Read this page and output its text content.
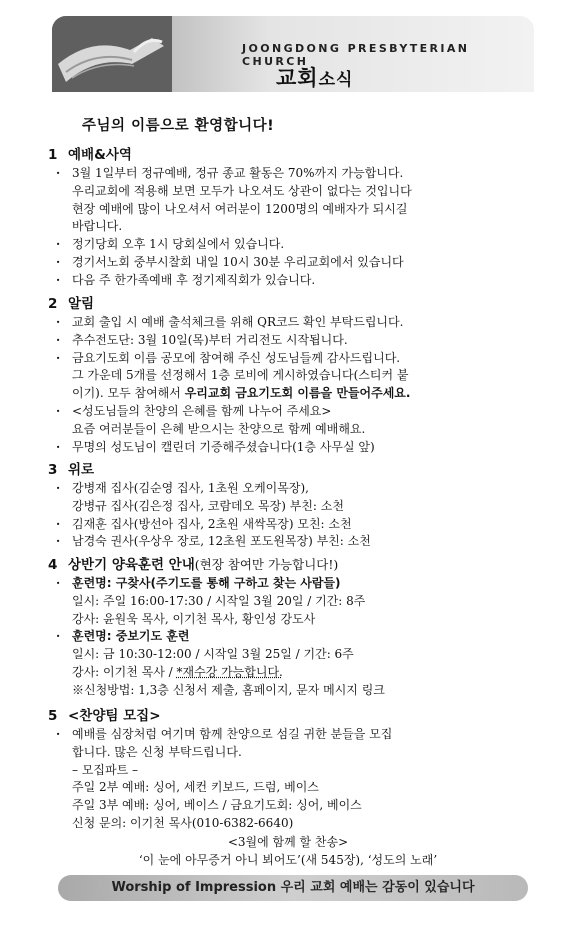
JOONGDONG PRESBYTERIAN CHURCH
교회소식
주님의 이름으로 환영합니다!
1 예배&사역
· 3월 1일부터 정규예배, 정규 종교 활동은 70%까지 가능합니다.
우리교회에 적용해 보면 모두가 나오셔도 상관이 없다는 것입니다
현장 예배에 많이 나오셔서 여러분이 1200명의 예배자가 되시길
바랍니다.
· 정기당회 오후 1시 당회실에서 있습니다.
· 경기서노회 중부시찰회 내일 10시 30분 우리교회에서 있습니다
· 다음 주 한가족예배 후 정기제직회가 있습니다.
2 알림
· 교회 출입 시 예배 출석체크를 위해 QR코드 확인 부탁드립니다.
· 추수전도단: 3월 10일(목)부터 거리전도 시작됩니다.
· 금요기도회 이름 공모에 참여해 주신 성도님들께 감사드립니다.
그 가운데 5개를 선정해서 1층 로비에 게시하였습니다(스티커 붙
이기). 모두 참여해서 우리교회 금요기도회 이름을 만들어주세요.
· <성도님들의 찬양의 은혜를 함께 나누어 주세요>
요즘 여러분들이 은혜 받으시는 찬양으로 함께 예배해요.
· 무명의 성도님이 캘린더 기증해주셨습니다(1층 사무실 앞)
3 위로
· 강병재 집사(김순영 집사, 1초원 오케이목장),
강병규 집사(김은정 집사, 코람데오 목장) 부친: 소천
· 김재훈 집사(방선아 집사, 2초원 새싹목장) 모친: 소천
· 남경숙 권사(우상우 장로, 12초원 포도원목장) 부친: 소천
4 상반기 양육훈련 안내(현장 참여만 가능합니다!)
· 훈련명: 구찾사(주기도를 통해 구하고 찾는 사람들)
일시: 주일 16:00-17:30 / 시작일 3월 20일 / 기간: 8주
강사: 윤원욱 목사, 이기천 목사, 황인성 강도사
· 훈련명: 중보기도 훈련
일시: 금 10:30-12:00 / 시작일 3월 25일 / 기간: 6주
강사: 이기천 목사 / *재수강 가능합니다.
※신청방법: 1,3층 신청서 제출, 홈페이지, 문자 메시지 링크
5 <찬양팀 모집>
· 예배를 심장처럼 여기며 함께 찬양으로 섬길 귀한 분들을 모집
합니다. 많은 신청 부탁드립니다.
– 모집파트 –
주일 2부 예배: 싱어, 세컨 키보드, 드럼, 베이스
주일 3부 예배: 싱어, 베이스 / 금요기도회: 싱어, 베이스
신청 문의: 이기천 목사(010-6382-6640)
<3월에 함께 할 찬송>
‘이 눈에 아무증거 아니 뵈어도’(새 545장), ‘성도의 노래’
Worship of Impression 우리 교회 예배는 감동이 있습니다
